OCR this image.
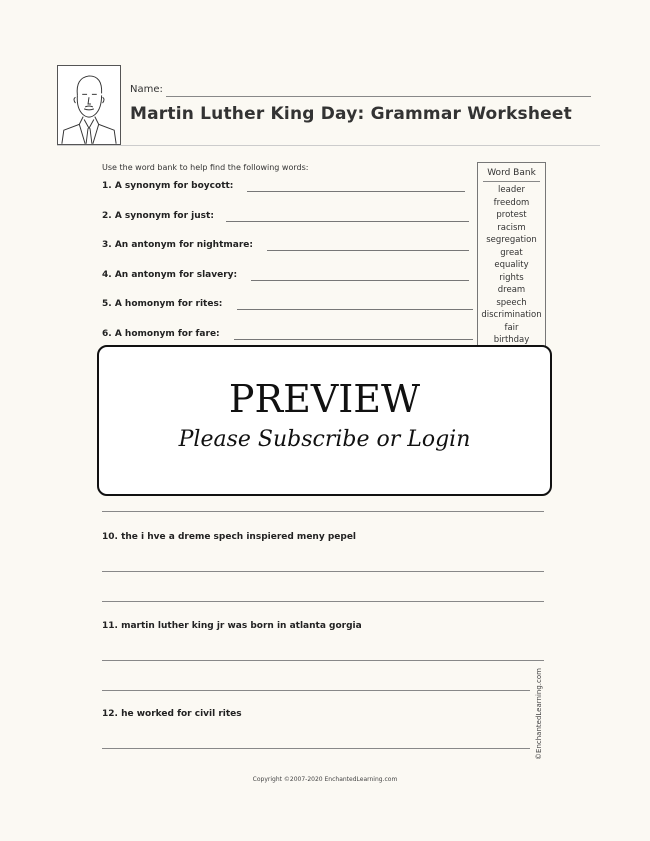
Name:
Martin Luther King Day: Grammar Worksheet
Use the word bank to help find the following words:
1. A synonym for boycott:
2. A synonym for just:
3. An antonym for nightmare:
4. An antonym for slavery:
5. A homonym for rites:
6. A homonym for fare:
Word Bank
leader
freedom
protest
racism
segregation
great
equality
rights
dream
speech
discrimination
fair
birthday
PREVIEW
Please Subscribe or Login
10. the i hve a dreme spech inspiered meny pepel
11. martin luther king jr was born in atlanta gorgia
12. he worked for civil rites	©EnchantedLearning.com
Copyright ©2007-2020 EnchantedLearning.com
